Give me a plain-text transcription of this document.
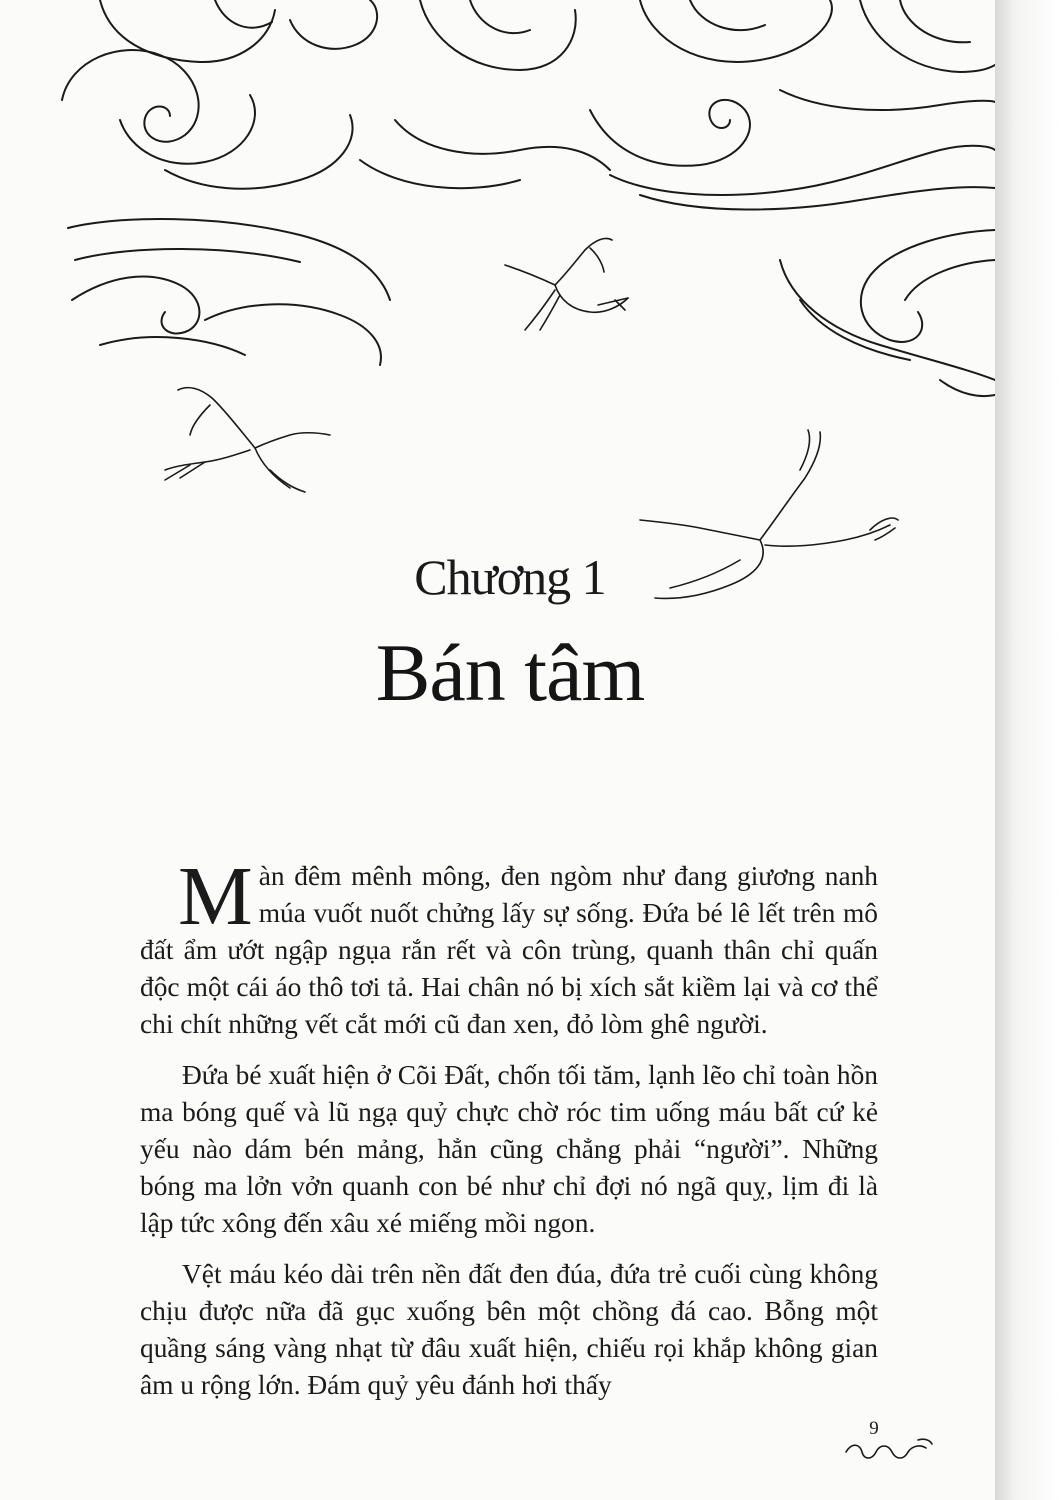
Chương 1
Bán tâm

Màn đêm mênh mông, đen ngòm như đang giương nanh múa vuốt nuốt chửng lấy sự sống. Đứa bé lê lết trên mô đất ẩm ướt ngập ngụa rắn rết và côn trùng, quanh thân chỉ quấn độc một cái áo thô tơi tả. Hai chân nó bị xích sắt kiềm lại và cơ thể chi chít những vết cắt mới cũ đan xen, đỏ lòm ghê người.

Đứa bé xuất hiện ở Cõi Đất, chốn tối tăm, lạnh lẽo chỉ toàn hồn ma bóng quế và lũ ngạ quỷ chực chờ róc tim uống máu bất cứ kẻ yếu nào dám bén mảng, hẳn cũng chẳng phải “người”. Những bóng ma lởn vởn quanh con bé như chỉ đợi nó ngã quỵ, lịm đi là lập tức xông đến xâu xé miếng mồi ngon.

Vệt máu kéo dài trên nền đất đen đúa, đứa trẻ cuối cùng không chịu được nữa đã gục xuống bên một chồng đá cao. Bỗng một quầng sáng vàng nhạt từ đâu xuất hiện, chiếu rọi khắp không gian âm u rộng lớn. Đám quỷ yêu đánh hơi thấy

9
